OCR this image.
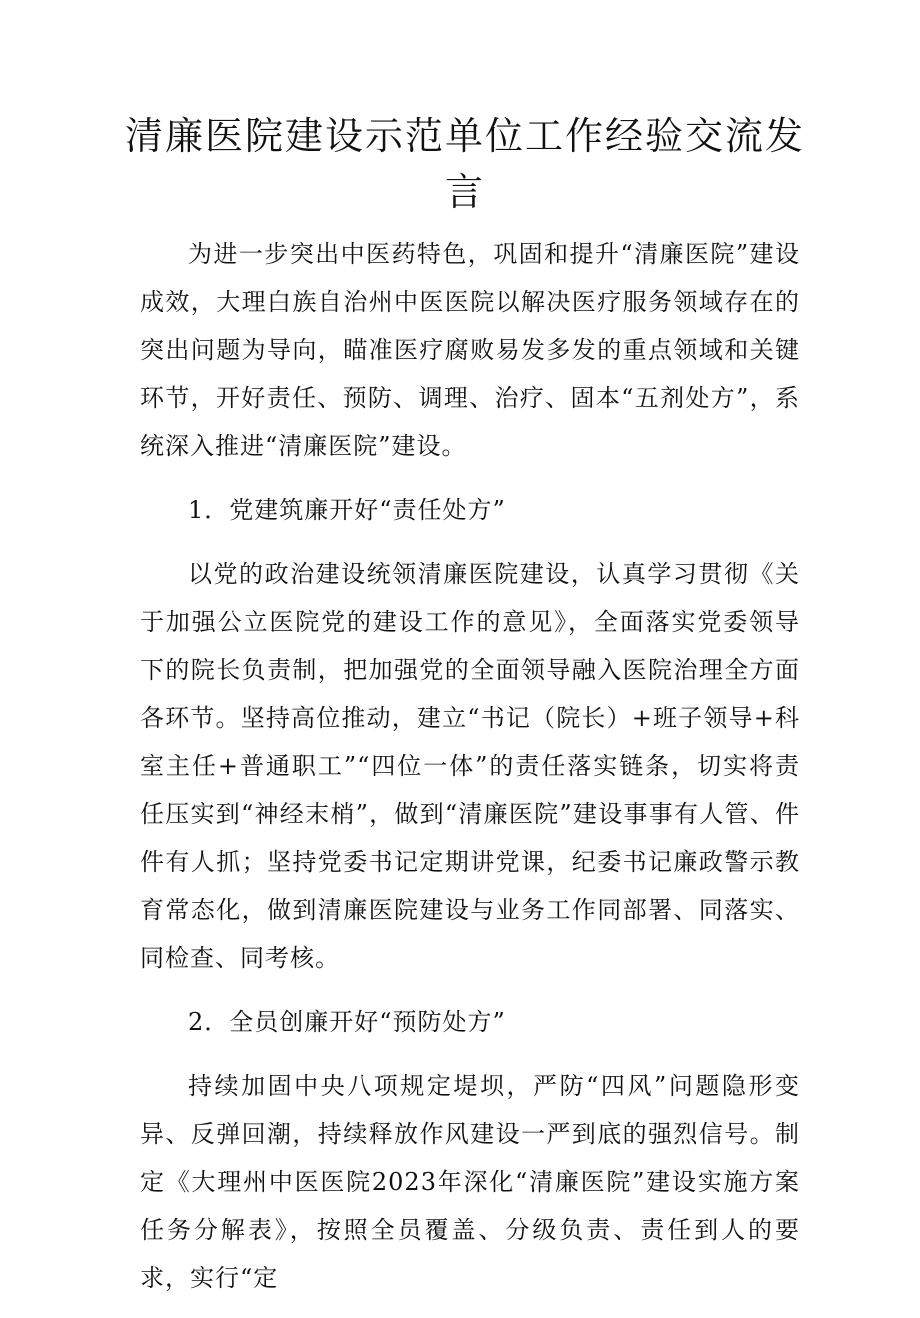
清廉医院建设示范单位工作经验交流发言

为进一步突出中医药特色，巩固和提升“清廉医院”建设成效，大理白族自治州中医医院以解决医疗服务领域存在的突出问题为导向，瞄准医疗腐败易发多发的重点领域和关键环节，开好责任、预防、调理、治疗、固本“五剂处方”，系统深入推进“清廉医院”建设。

1．党建筑廉开好“责任处方”

以党的政治建设统领清廉医院建设，认真学习贯彻《关于加强公立医院党的建设工作的意见》，全面落实党委领导下的院长负责制，把加强党的全面领导融入医院治理全方面各环节。坚持高位推动，建立“书记（院长）+班子领导+科室主任+普通职工”“四位一体”的责任落实链条，切实将责任压实到“神经末梢”，做到“清廉医院”建设事事有人管、件件有人抓；坚持党委书记定期讲党课，纪委书记廉政警示教育常态化，做到清廉医院建设与业务工作同部署、同落实、同检查、同考核。

2．全员创廉开好“预防处方”

持续加固中央八项规定堤坝，严防“四风”问题隐形变异、反弹回潮，持续释放作风建设一严到底的强烈信号。制定《大理州中医医院2023年深化“清廉医院”建设实施方案任务分解表》，按照全员覆盖、分级负责、责任到人的要求，实行“定
